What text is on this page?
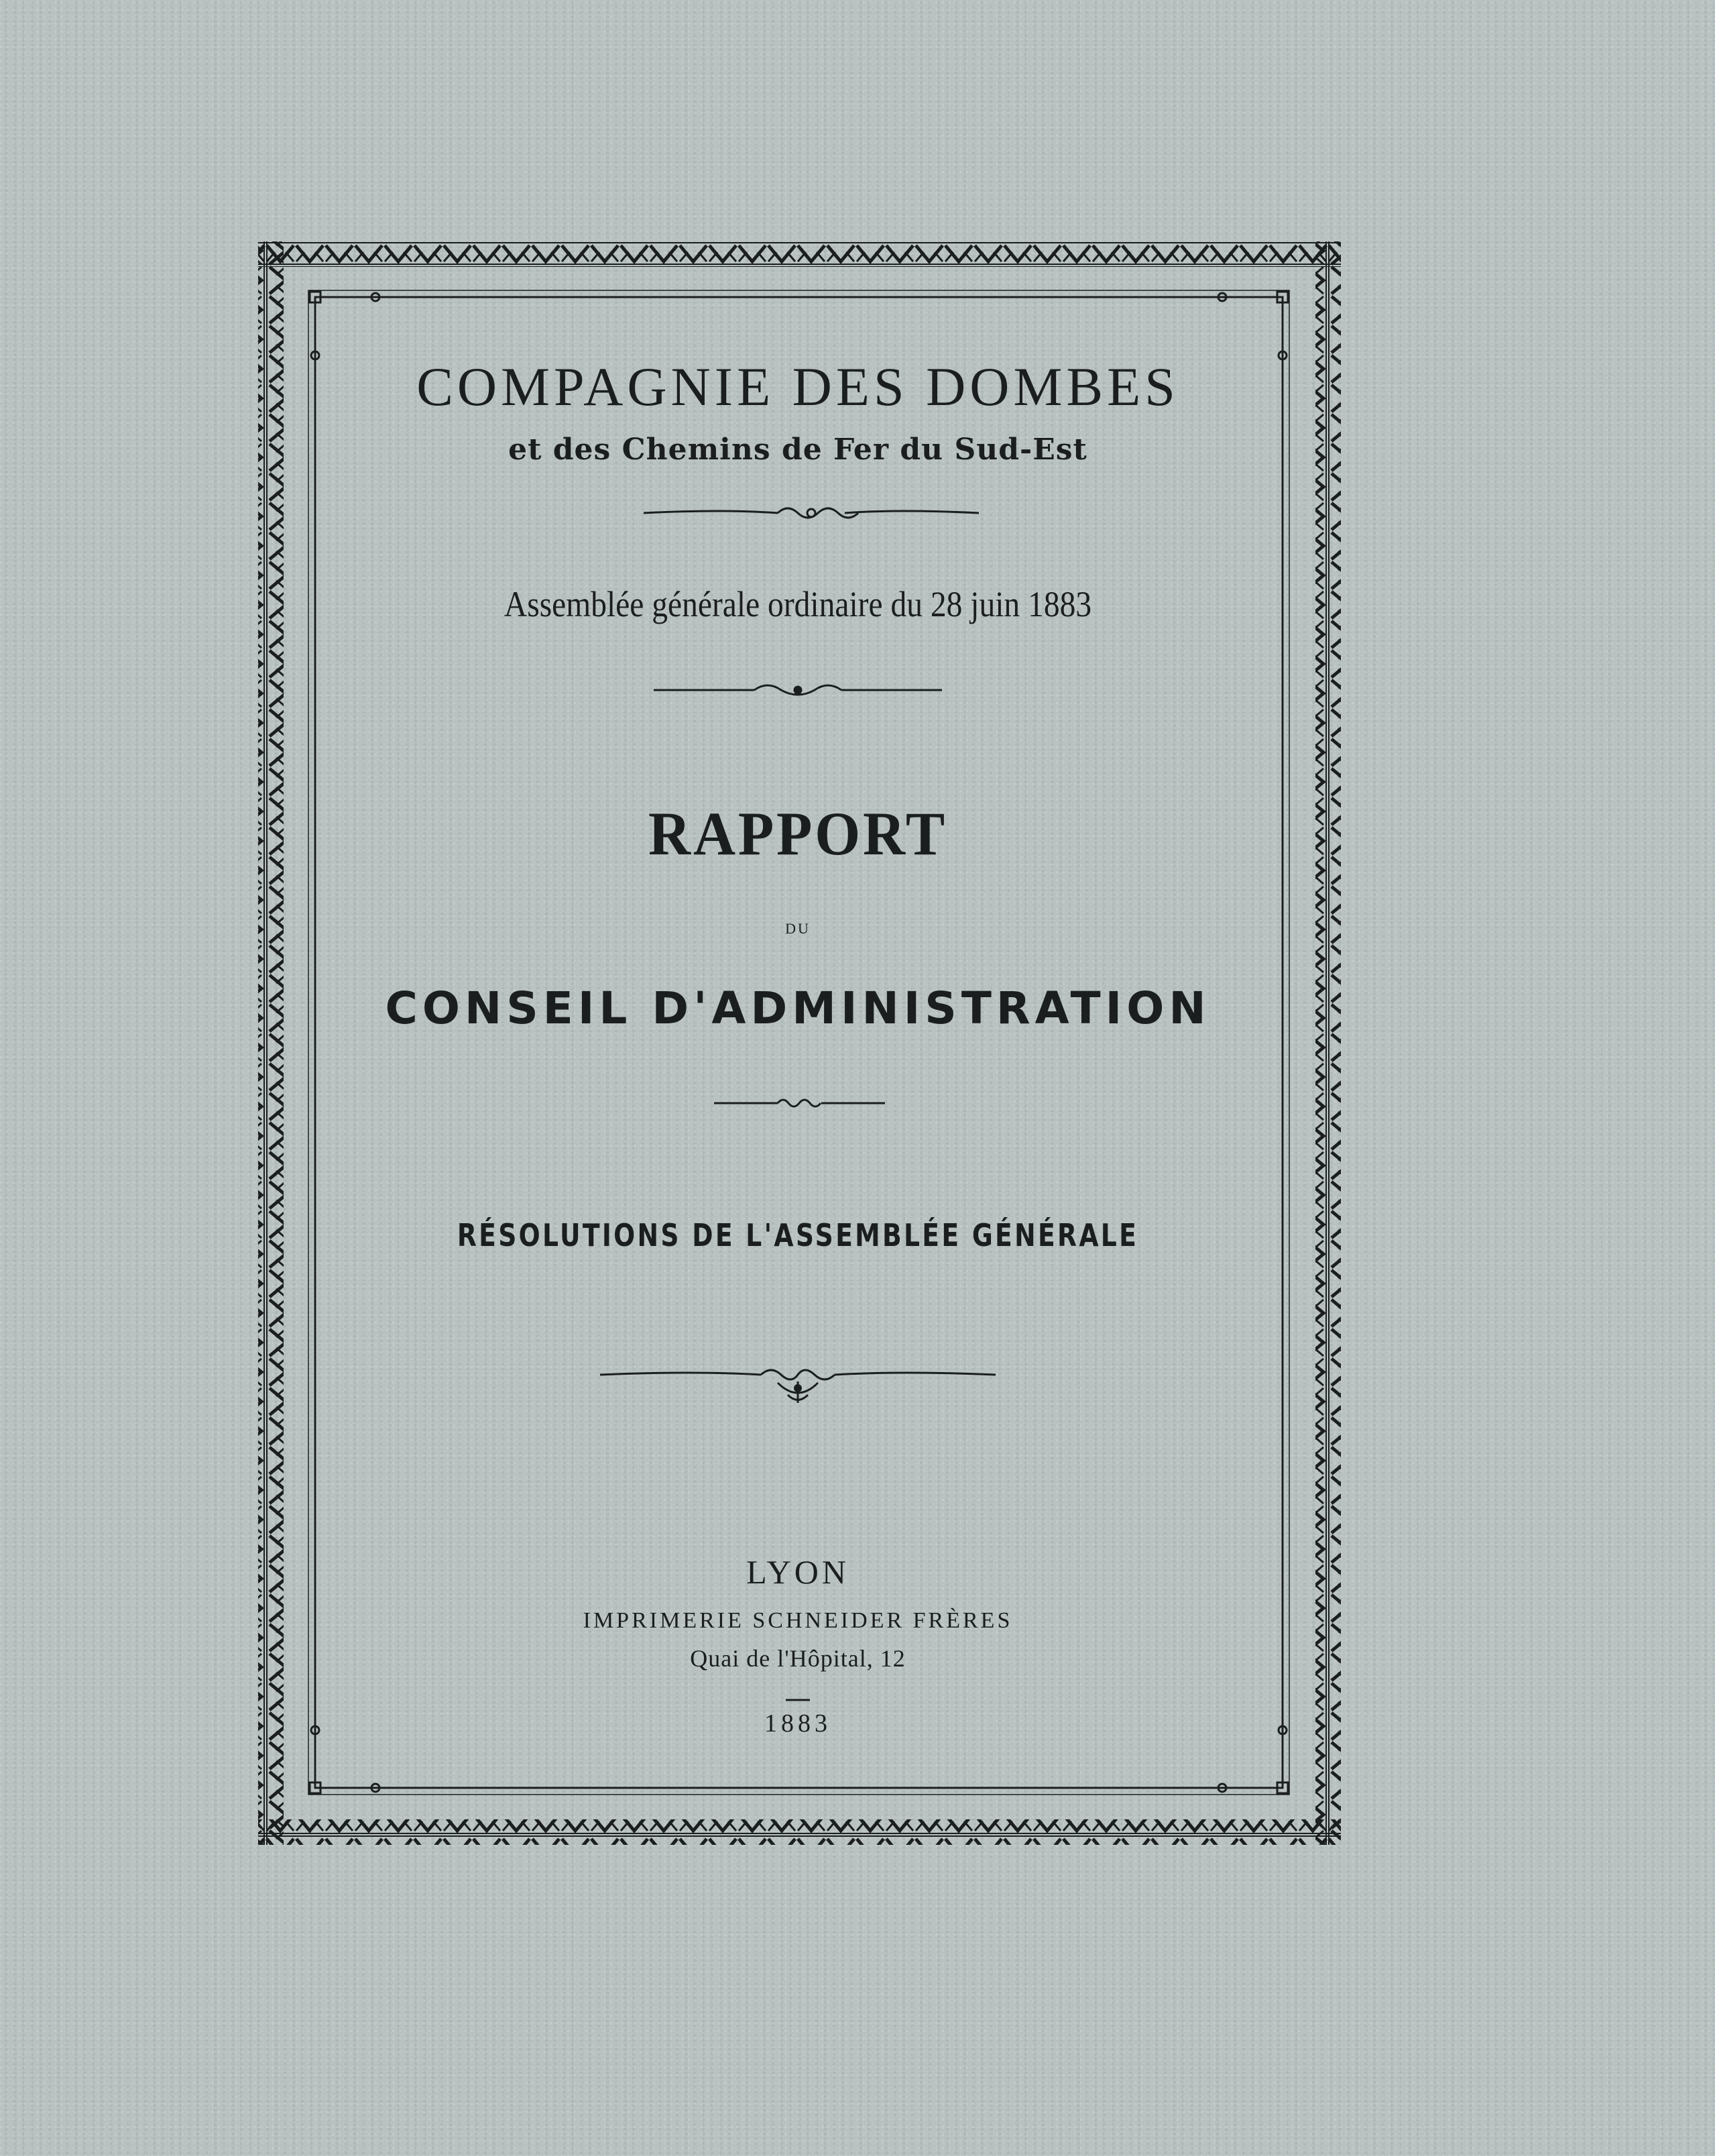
COMPAGNIE DES DOMBES
et des Chemins de Fer du Sud-Est
Assemblée générale ordinaire du 28 juin 1883
RAPPORT
DU
CONSEIL D'ADMINISTRATION
RÉSOLUTIONS DE L'ASSEMBLÉE GÉNÉRALE
LYON
IMPRIMERIE SCHNEIDER FRÈRES
Quai de l'Hôpital, 12
1883
